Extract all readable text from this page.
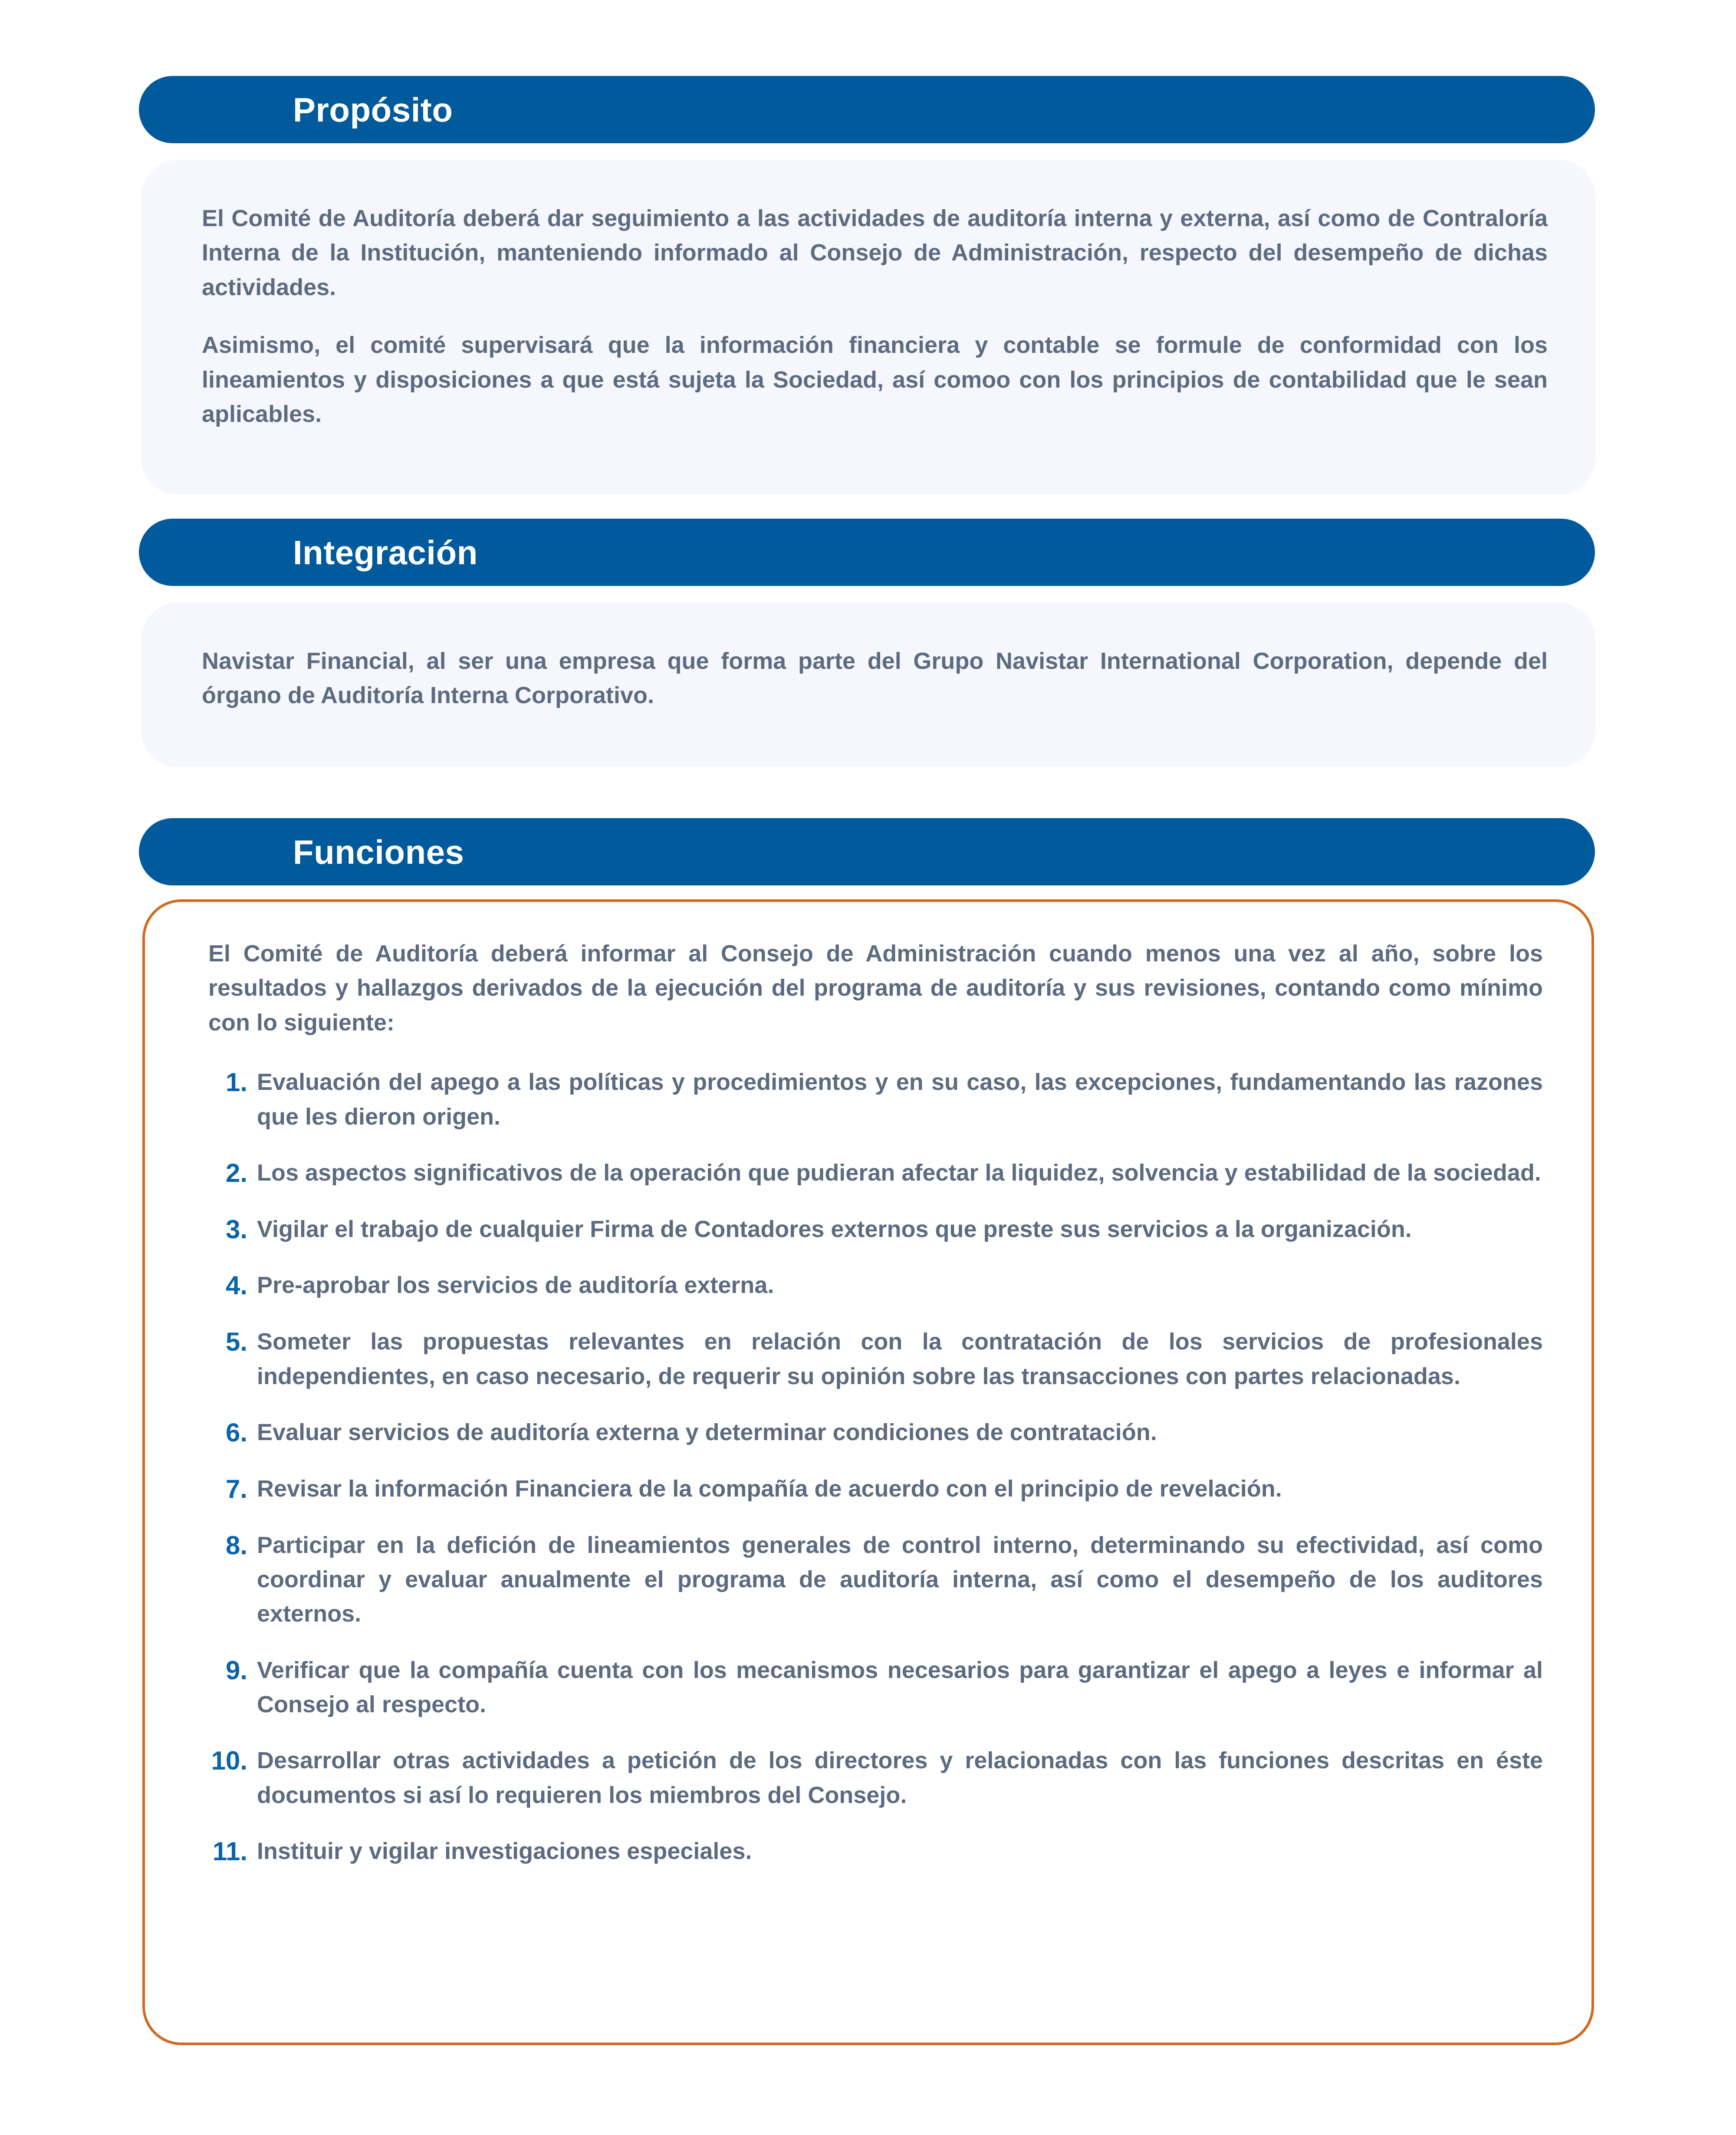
Propósito

El Comité de Auditoría deberá dar seguimiento a las actividades de auditoría interna y externa, así como de Contraloría Interna de la Institución, manteniendo informado al Consejo de Administración, respecto del desempeño de dichas actividades.

Asimismo, el comité supervisará que la información financiera y contable se formule de conformidad con los lineamientos y disposiciones a que está sujeta la Sociedad, así comoo con los principios de contabilidad que le sean aplicables.

Integración

Navistar Financial, al ser una empresa que forma parte del Grupo Navistar International Corporation, depende del órgano de Auditoría Interna Corporativo.

Funciones

El Comité de Auditoría deberá informar al Consejo de Administración cuando menos una vez al año, sobre los resultados y hallazgos derivados de la ejecución del programa de auditoría y sus revisiones, contando como mínimo con lo siguiente:

1. Evaluación del apego a las políticas y procedimientos y en su caso, las excepciones, fundamentando las razones que les dieron origen.
2. Los aspectos significativos de la operación que pudieran afectar la liquidez, solvencia y estabilidad de la sociedad.
3. Vigilar el trabajo de cualquier Firma de Contadores externos que preste sus servicios a la organización.
4. Pre-aprobar los servicios de auditoría externa.
5. Someter las propuestas relevantes en relación con la contratación de los servicios de profesionales independientes, en caso necesario, de requerir su opinión sobre las transacciones con partes relacionadas.
6. Evaluar servicios de auditoría externa y determinar condiciones de contratación.
7. Revisar la información Financiera de la compañía de acuerdo con el principio de revelación.
8. Participar en la defición de lineamientos generales de control interno, determinando su efectividad, así como coordinar y evaluar anualmente el programa de auditoría interna, así como el desempeño de los auditores externos.
9. Verificar que la compañía cuenta con los mecanismos necesarios para garantizar el apego a leyes e informar al Consejo al respecto.
10. Desarrollar otras actividades a petición de los directores y relacionadas con las funciones descritas en éste documentos si así lo requieren los miembros del Consejo.
11. Instituir y vigilar investigaciones especiales.
